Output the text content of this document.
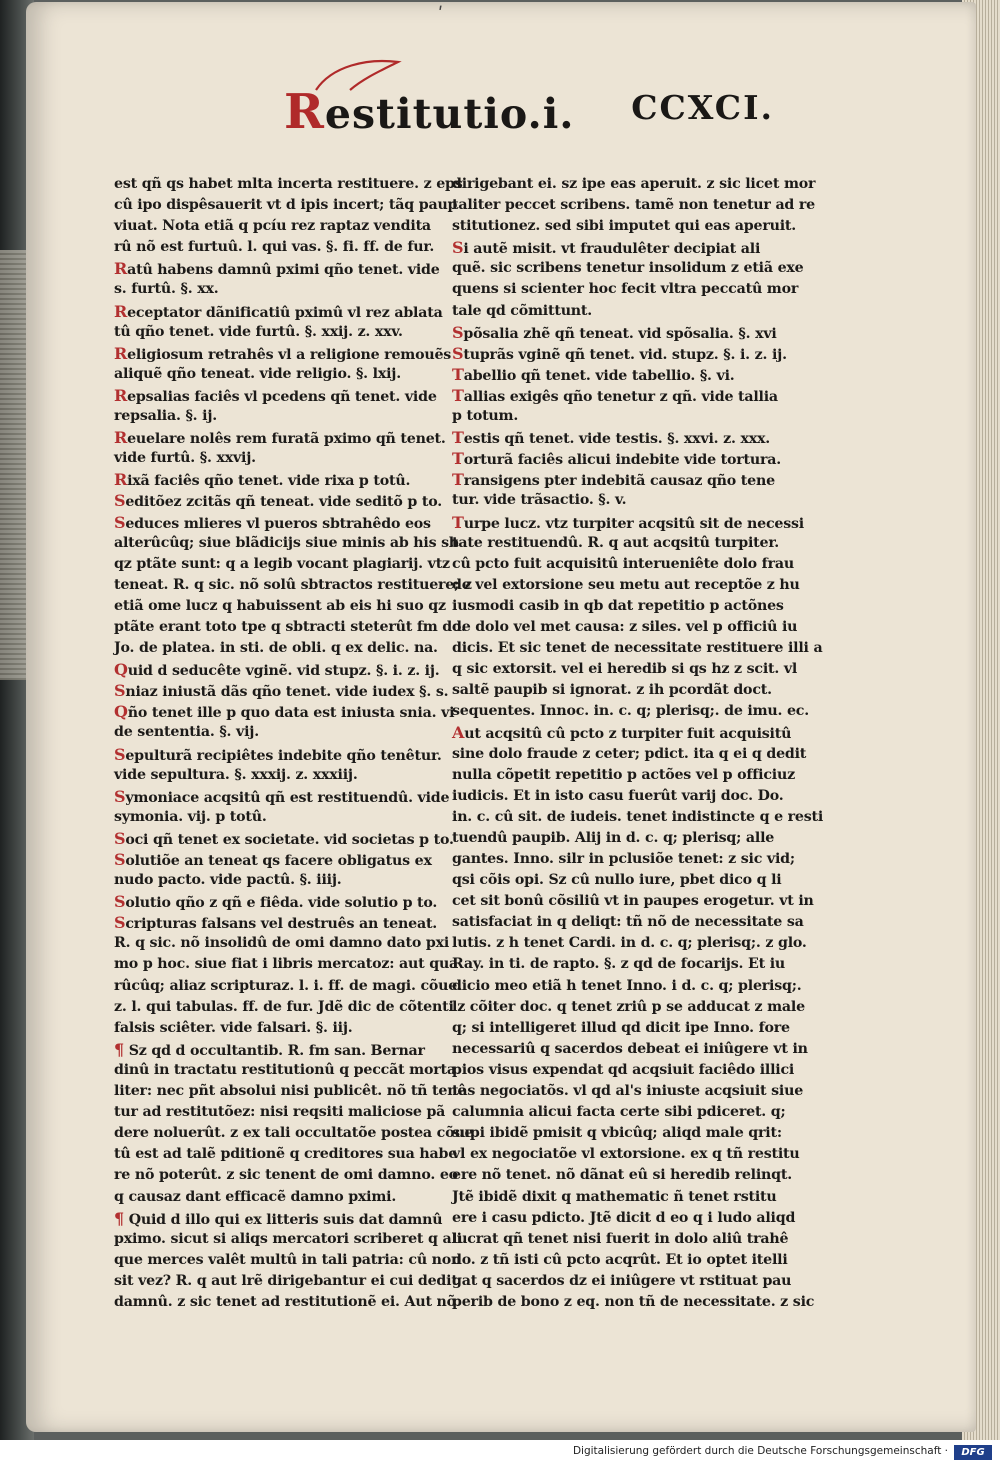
ʹ
Restitutio.i. CCXCI.
est qñ qs habet mlta incerta restituere. z eps
cû ipo dispêsauerit vt d ipis incert; tãq paup
viuat. Nota etiã q pcíu rez raptaz vendita
rû nõ est furtuû. l. qui vas. §. fi. ff. de fur.
Ratû habens damnû pximi qño tenet. vide
s. furtû. §. xx.
Receptator dãnificatiû pximû vl rez ablata
tû qño tenet. vide furtû. §. xxij. z. xxv.
Religiosum retrahês vl a religione remouẽs
aliquẽ qño teneat. vide religio. §. lxij.
Repsalias faciês vl pcedens qñ tenet. vide
repsalia. §. ij.
Reuelare nolês rem furatã pximo qñ tenet.
vide furtû. §. xxvij.
Rixã faciês qño tenet. vide rixa p totû.
Seditõez zcitãs qñ teneat. vide seditõ p to.
Seduces mlieres vl pueros sbtrahêdo eos
alterûcûq; siue blãdicijs siue minis ab his sb
qz ptãte sunt: q a legib vocant plagiarij. vtz
teneat. R. q sic. nõ solû sbtractos restituere; z
etiã ome lucz q habuissent ab eis hi suo qz
ptãte erant toto tpe q sbtracti steterût fm do.
Jo. de platea. in sti. de obli. q ex delic. na.
Quid d seducête vginẽ. vid stupz. §. i. z. ij.
Sniaz iniustã dãs qño tenet. vide iudex §. s.
Qño tenet ille p quo data est iniusta snia. vi
de sententia. §. vij.
Sepulturã recipiêtes indebite qño tenêtur.
vide sepultura. §. xxxij. z. xxxiij.
Symoniace acqsitû qñ est restituendû. vide
symonia. vij. p totû.
Soci qñ tenet ex societate. vid societas p to.
Solutiõe an teneat qs facere obligatus ex
nudo pacto. vide pactû. §. iiij.
Solutio qño z qñ e fiêda. vide solutio p to.
Scripturas falsans vel destruês an teneat.
R. q sic. nõ insolidû de omi damno dato pxi
mo p hoc. siue fiat i libris mercatoz: aut qua
rûcûq; aliaz scripturaz. l. i. ff. de magi. cõue.
z. l. qui tabulas. ff. de fur. Jdẽ dic de cõtenti
falsis sciêter. vide falsari. §. iij.
¶ Sz qd d occultantib. R. fm san. Bernar
dinû in tractatu restitutionû q peccãt morta
liter: nec pñt absolui nisi publicêt. nõ tñ tenê
tur ad restitutõez: nisi reqsiti maliciose pã
dere noluerût. z ex tali occultatõe postea cõue
tû est ad talẽ pditionẽ q creditores sua habe
re nõ poterût. z sic tenent de omi damno. eo
q causaz dant efficacẽ damno pximi.
¶ Quid d illo qui ex litteris suis dat damnû
pximo. sicut si aliqs mercatori scriberet q ali
que merces valêt multû in tali patria: cû non
sit vez? R. q aut lrẽ dirigebantur ei cui dedit
damnû. z sic tenet ad restitutionẽ ei. Aut nõ
dirigebant ei. sz ipe eas aperuit. z sic licet mor
taliter peccet scribens. tamẽ non tenetur ad re
stitutionez. sed sibi imputet qui eas aperuit.
Si autẽ misit. vt fraudulêter decipiat ali
quẽ. sic scribens tenetur insolidum z etiã exe
quens si scienter hoc fecit vltra peccatû mor
tale qd cõmittunt.
Spõsalia zhẽ qñ teneat. vid spõsalia. §. xvi
Stuprãs vginẽ qñ tenet. vid. stupz. §. i. z. ij.
Tabellio qñ tenet. vide tabellio. §. vi.
Tallias exigês qño tenetur z qñ. vide tallia
p totum.
Testis qñ tenet. vide testis. §. xxvi. z. xxx.
Torturã faciês alicui indebite vide tortura.
Transigens pter indebitã causaz qño tene
tur. vide trãsactio. §. v.
Turpe lucz. vtz turpiter acqsitû sit de necessi
tate restituendû. R. q aut acqsitû turpiter.
cû pcto fuit acquisitû interueniête dolo frau
de vel extorsione seu metu aut receptõe z hu
iusmodi casib in qb dat repetitio p actõnes
de dolo vel met causa: z siles. vel p officiû iu
dicis. Et sic tenet de necessitate restituere illi a
q sic extorsit. vel ei heredib si qs hz z scit. vl
saltẽ paupib si ignorat. z ih pcordãt doct.
sequentes. Innoc. in. c. q; plerisq;. de imu. ec.
Aut acqsitû cû pcto z turpiter fuit acquisitû
sine dolo fraude z ceter; pdict. ita q ei q dedit
nulla cõpetit repetitio p actões vel p officiuz
iudicis. Et in isto casu fuerût varij doc. Do.
in. c. cû sit. de iudeis. tenet indistincte q e resti
tuendû paupib. Alij in d. c. q; plerisq; alle
gantes. Inno. silr in pclusiõe tenet: z sic vid;
qsi cõis opi. Sz cû nullo iure, pbet dico q li
cet sit bonû cõsiliû vt in paupes erogetur. vt in
satisfaciat in q deliqt: tñ nõ de necessitate sa
lutis. z h tenet Cardi. in d. c. q; plerisq;. z glo.
Ray. in ti. de rapto. §. z qd de focarijs. Et iu
dicio meo etiã h tenet Inno. i d. c. q; plerisq;.
lz cõiter doc. q tenet zriû p se adducat z male
q; si intelligeret illud qd dicit ipe Inno. fore
necessariû q sacerdos debeat ei iniûgere vt in
pios visus expendat qd acqsiuit faciêdo illici
tas negociatõs. vl qd al's iniuste acqsiuit siue
calumnia alicui facta certe sibi pdiceret. q;
supi ibidẽ pmisit q vbicûq; aliqd male qrit:
vl ex negociatõe vl extorsione. ex q tñ restitu
ere nõ tenet. nõ dãnat eû si heredib relinqt.
Jtẽ ibidẽ dixit q mathematic ñ tenet rstitu
ere i casu pdicto. Jtẽ dicit d eo q i ludo aliqd
lucrat qñ tenet nisi fuerit in dolo aliû trahê
do. z tñ isti cû pcto acqrût. Et io optet itelli
gat q sacerdos dz ei iniûgere vt rstituat pau
perib de bono z eq. non tñ de necessitate. z sic
Digitalisierung gefördert durch die Deutsche Forschungsgemeinschaft ·	DFG
